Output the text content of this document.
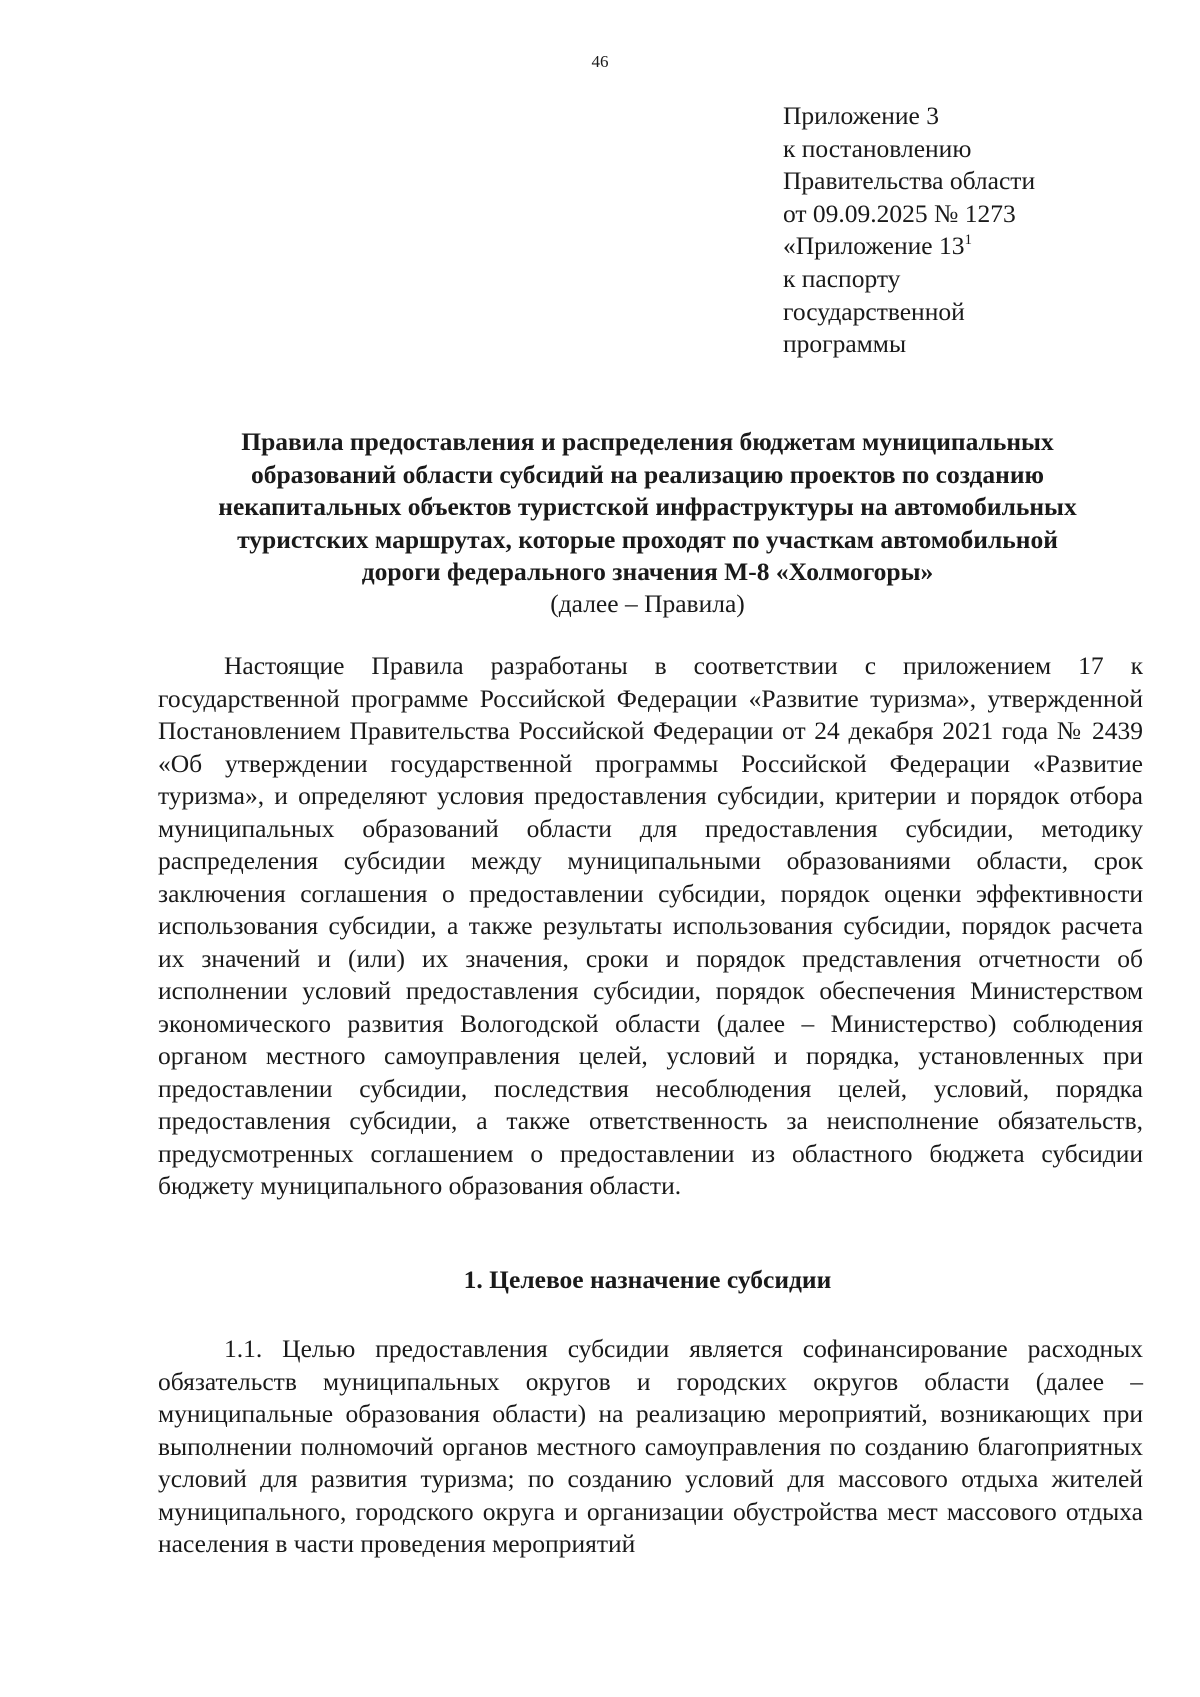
46
Приложение 3
к постановлению
Правительства области
от 09.09.2025 № 1273
«Приложение $13^1$
к паспорту
государственной
программы
Правила предоставления и распределения бюджетам муниципальных
образований области субсидий на реализацию проектов по созданию
некапитальных объектов туристской инфраструктуры на автомобильных
туристских маршрутах, которые проходят по участкам автомобильной
дороги федерального значения М-8 «Холмогоры»
(далее – Правила)

Настоящие Правила разработаны в соответствии с приложением 17 к государственной программе Российской Федерации «Развитие туризма», утвержденной Постановлением Правительства Российской Федерации от 24 декабря 2021 года № 2439 «Об утверждении государственной программы Российской Федерации «Развитие туризма», и определяют условия предоставления субсидии, критерии и порядок отбора муниципальных образований области для предоставления субсидии, методику распределения субсидии между муниципальными образованиями области, срок заключения соглашения о предоставлении субсидии, порядок оценки эффективности использования субсидии, а также результаты использования субсидии, порядок расчета их значений и (или) их значения, сроки и порядок представления отчетности об исполнении условий предоставления субсидии, порядок обеспечения Министерством экономического развития Вологодской области (далее – Министерство) соблюдения органом местного самоуправления целей, условий и порядка, установленных при предоставлении субсидии, последствия несоблюдения целей, условий, порядка предоставления субсидии, а также ответственность за неисполнение обязательств, предусмотренных соглашением о предоставлении из областного бюджета субсидии бюджету муниципального образования области.

1. Целевое назначение субсидии

1.1. Целью предоставления субсидии является софинансирование расходных обязательств муниципальных округов и городских округов области (далее – муниципальные образования области) на реализацию мероприятий, возникающих при выполнении полномочий органов местного самоуправления по созданию благоприятных условий для развития туризма; по созданию условий для массового отдыха жителей муниципального, городского округа и организации обустройства мест массового отдыха населения в части проведения мероприятий
